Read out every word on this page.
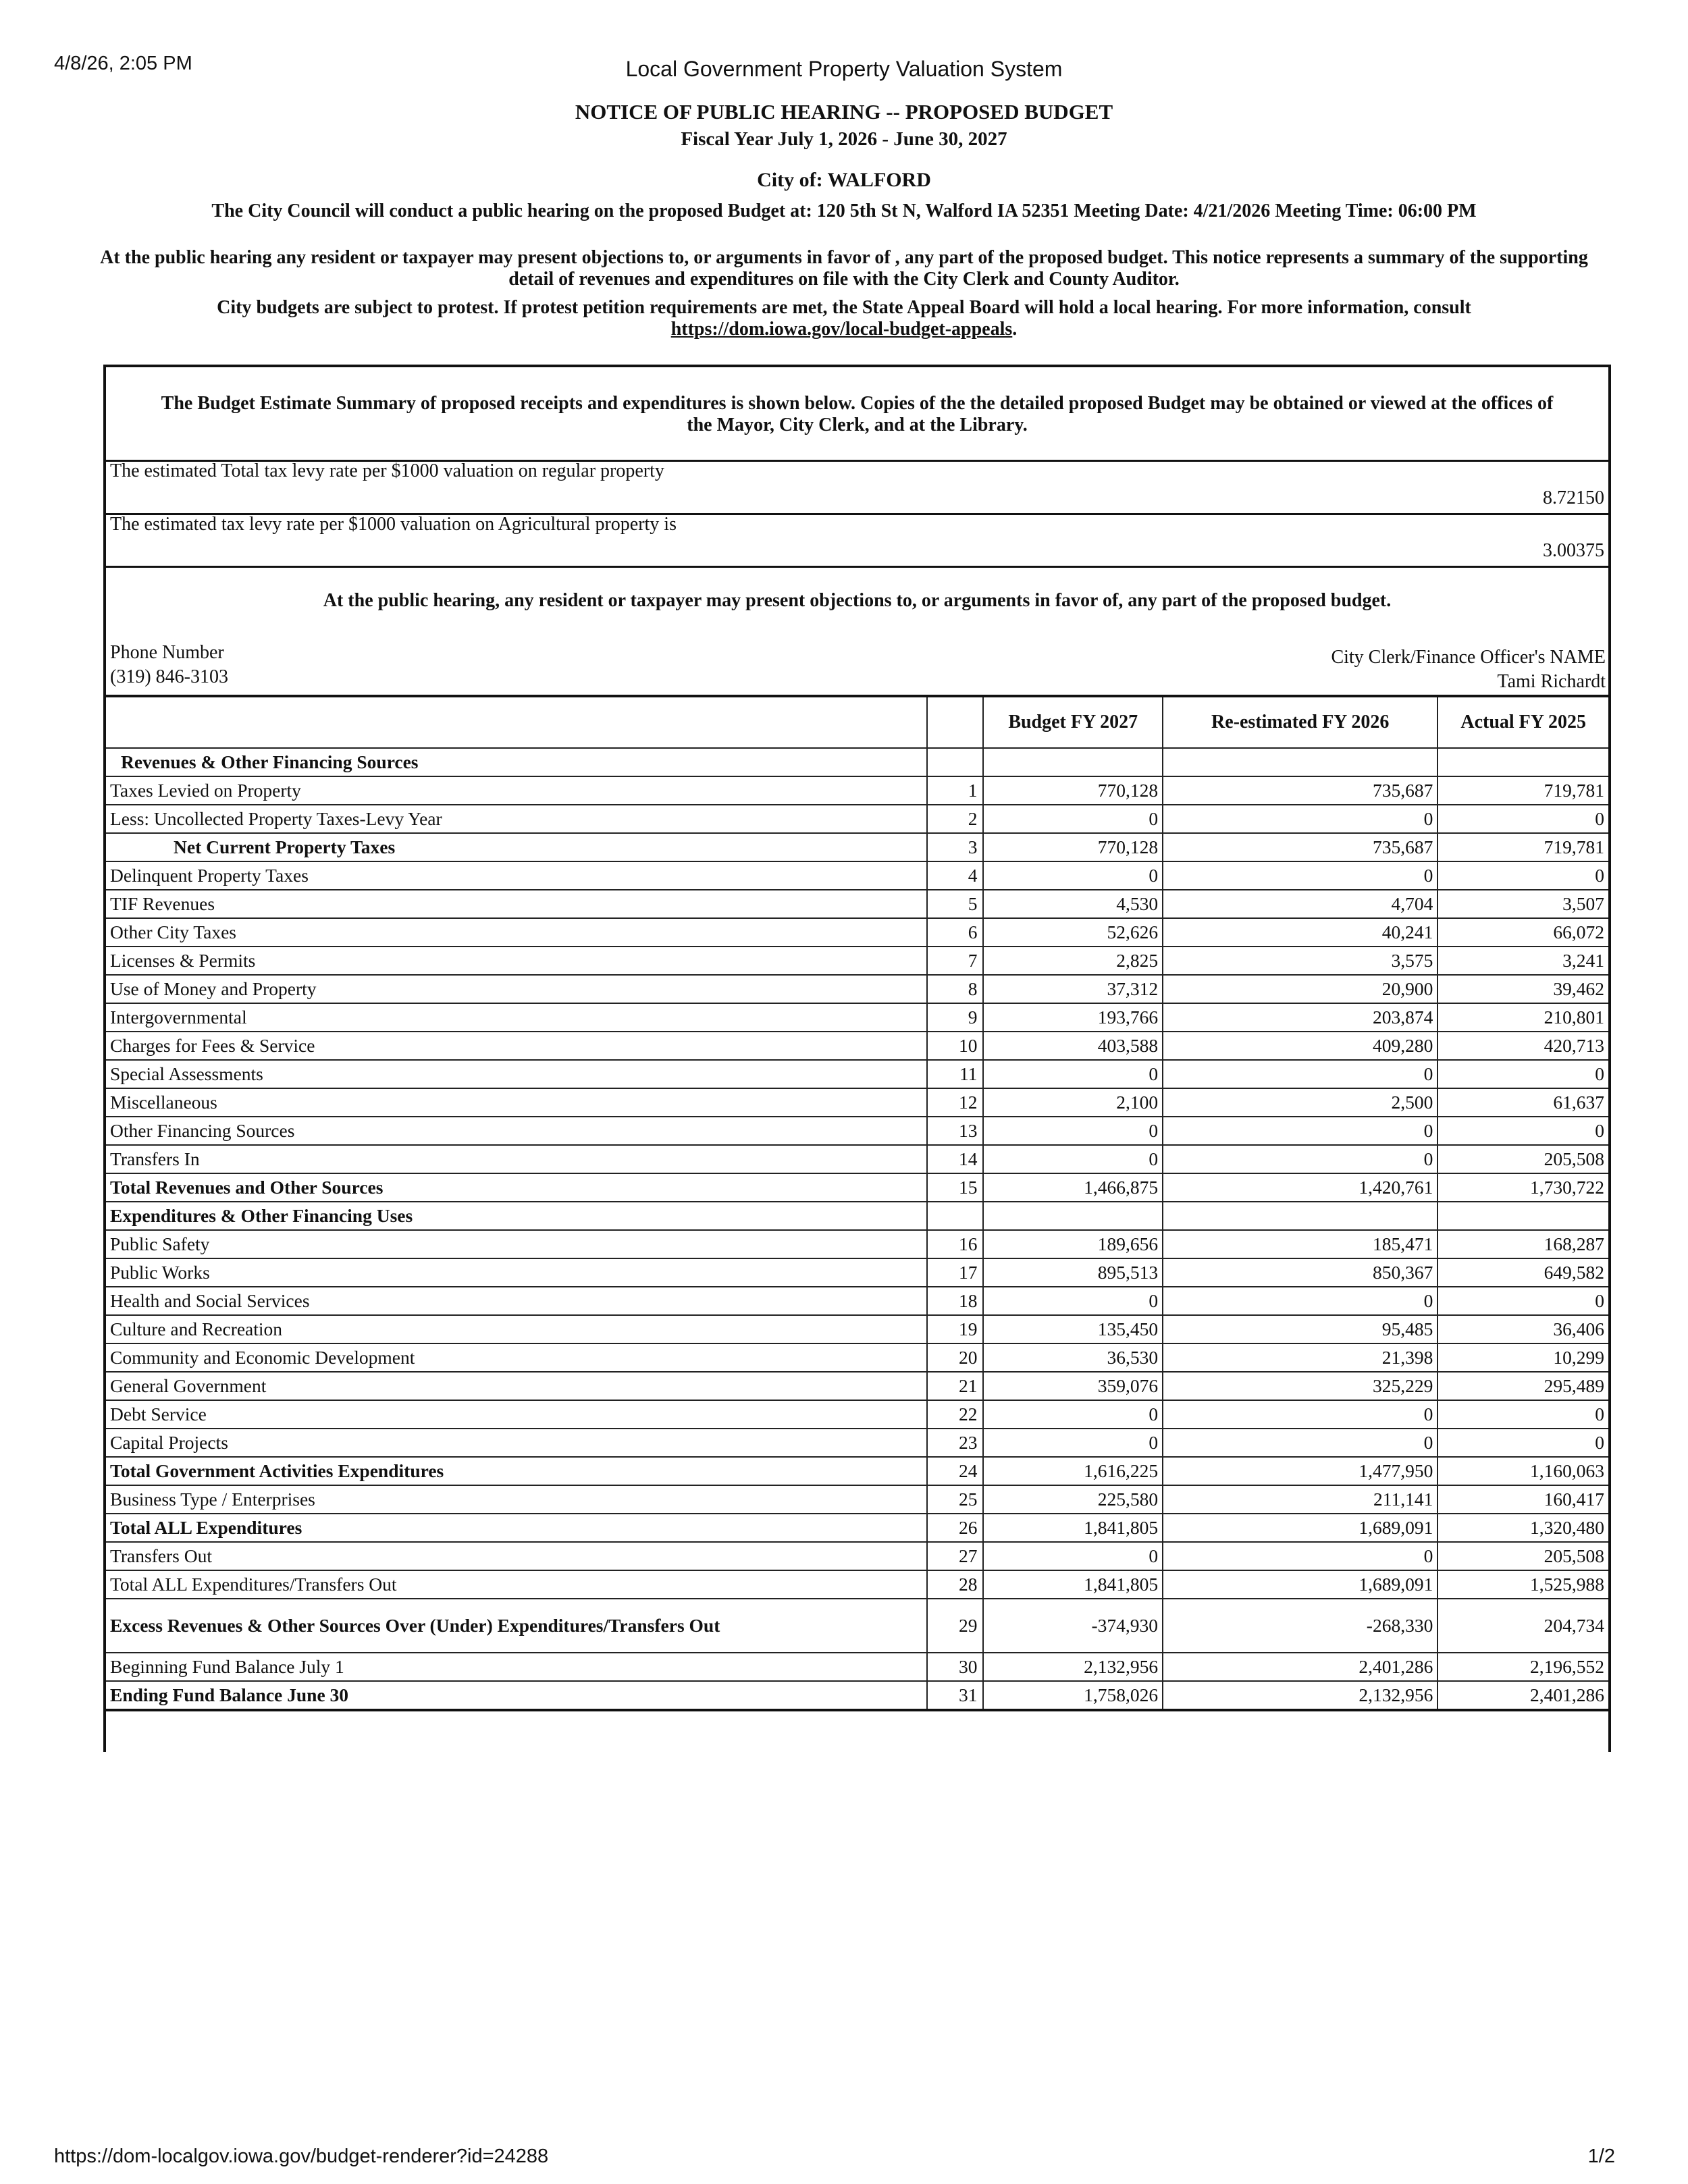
4/8/26, 2:05 PM	Local Government Property Valuation System
NOTICE OF PUBLIC HEARING -- PROPOSED BUDGET
Fiscal Year July 1, 2026 - June 30, 2027
City of: WALFORD
The City Council will conduct a public hearing on the proposed Budget at: 120 5th St N, Walford IA 52351 Meeting Date: 4/21/2026 Meeting Time: 06:00 PM
At the public hearing any resident or taxpayer may present objections to, or arguments in favor of , any part of the proposed budget. This notice represents a summary of the supporting detail of revenues and expenditures on file with the City Clerk and County Auditor.
City budgets are subject to protest. If protest petition requirements are met, the State Appeal Board will hold a local hearing. For more information, consult
https://dom.iowa.gov/local-budget-appeals.
The Budget Estimate Summary of proposed receipts and expenditures is shown below. Copies of the the detailed proposed Budget may be obtained or viewed at the offices of the Mayor, City Clerk, and at the Library.
The estimated Total tax levy rate per $1000 valuation on regular property
8.72150
The estimated tax levy rate per $1000 valuation on Agricultural property is
3.00375
At the public hearing, any resident or taxpayer may present objections to, or arguments in favor of, any part of the proposed budget.
Phone Number
(319) 846-3103
City Clerk/Finance Officer's NAME
Tami Richardt
		Budget FY 2027	Re-estimated FY 2026	Actual FY 2025
Revenues & Other Financing Sources				
Taxes Levied on Property	1	770,128	735,687	719,781
Less: Uncollected Property Taxes-Levy Year	2	0	0	0
Net Current Property Taxes	3	770,128	735,687	719,781
Delinquent Property Taxes	4	0	0	0
TIF Revenues	5	4,530	4,704	3,507
Other City Taxes	6	52,626	40,241	66,072
Licenses & Permits	7	2,825	3,575	3,241
Use of Money and Property	8	37,312	20,900	39,462
Intergovernmental	9	193,766	203,874	210,801
Charges for Fees & Service	10	403,588	409,280	420,713
Special Assessments	11	0	0	0
Miscellaneous	12	2,100	2,500	61,637
Other Financing Sources	13	0	0	0
Transfers In	14	0	0	205,508
Total Revenues and Other Sources	15	1,466,875	1,420,761	1,730,722
Expenditures & Other Financing Uses				
Public Safety	16	189,656	185,471	168,287
Public Works	17	895,513	850,367	649,582
Health and Social Services	18	0	0	0
Culture and Recreation	19	135,450	95,485	36,406
Community and Economic Development	20	36,530	21,398	10,299
General Government	21	359,076	325,229	295,489
Debt Service	22	0	0	0
Capital Projects	23	0	0	0
Total Government Activities Expenditures	24	1,616,225	1,477,950	1,160,063
Business Type / Enterprises	25	225,580	211,141	160,417
Total ALL Expenditures	26	1,841,805	1,689,091	1,320,480
Transfers Out	27	0	0	205,508
Total ALL Expenditures/Transfers Out	28	1,841,805	1,689,091	1,525,988
Excess Revenues & Other Sources Over (Under) Expenditures/Transfers Out	29	-374,930	-268,330	204,734
Beginning Fund Balance July 1	30	2,132,956	2,401,286	2,196,552
Ending Fund Balance June 30	31	1,758,026	2,132,956	2,401,286
https://dom-localgov.iowa.gov/budget-renderer?id=24288	1/2
